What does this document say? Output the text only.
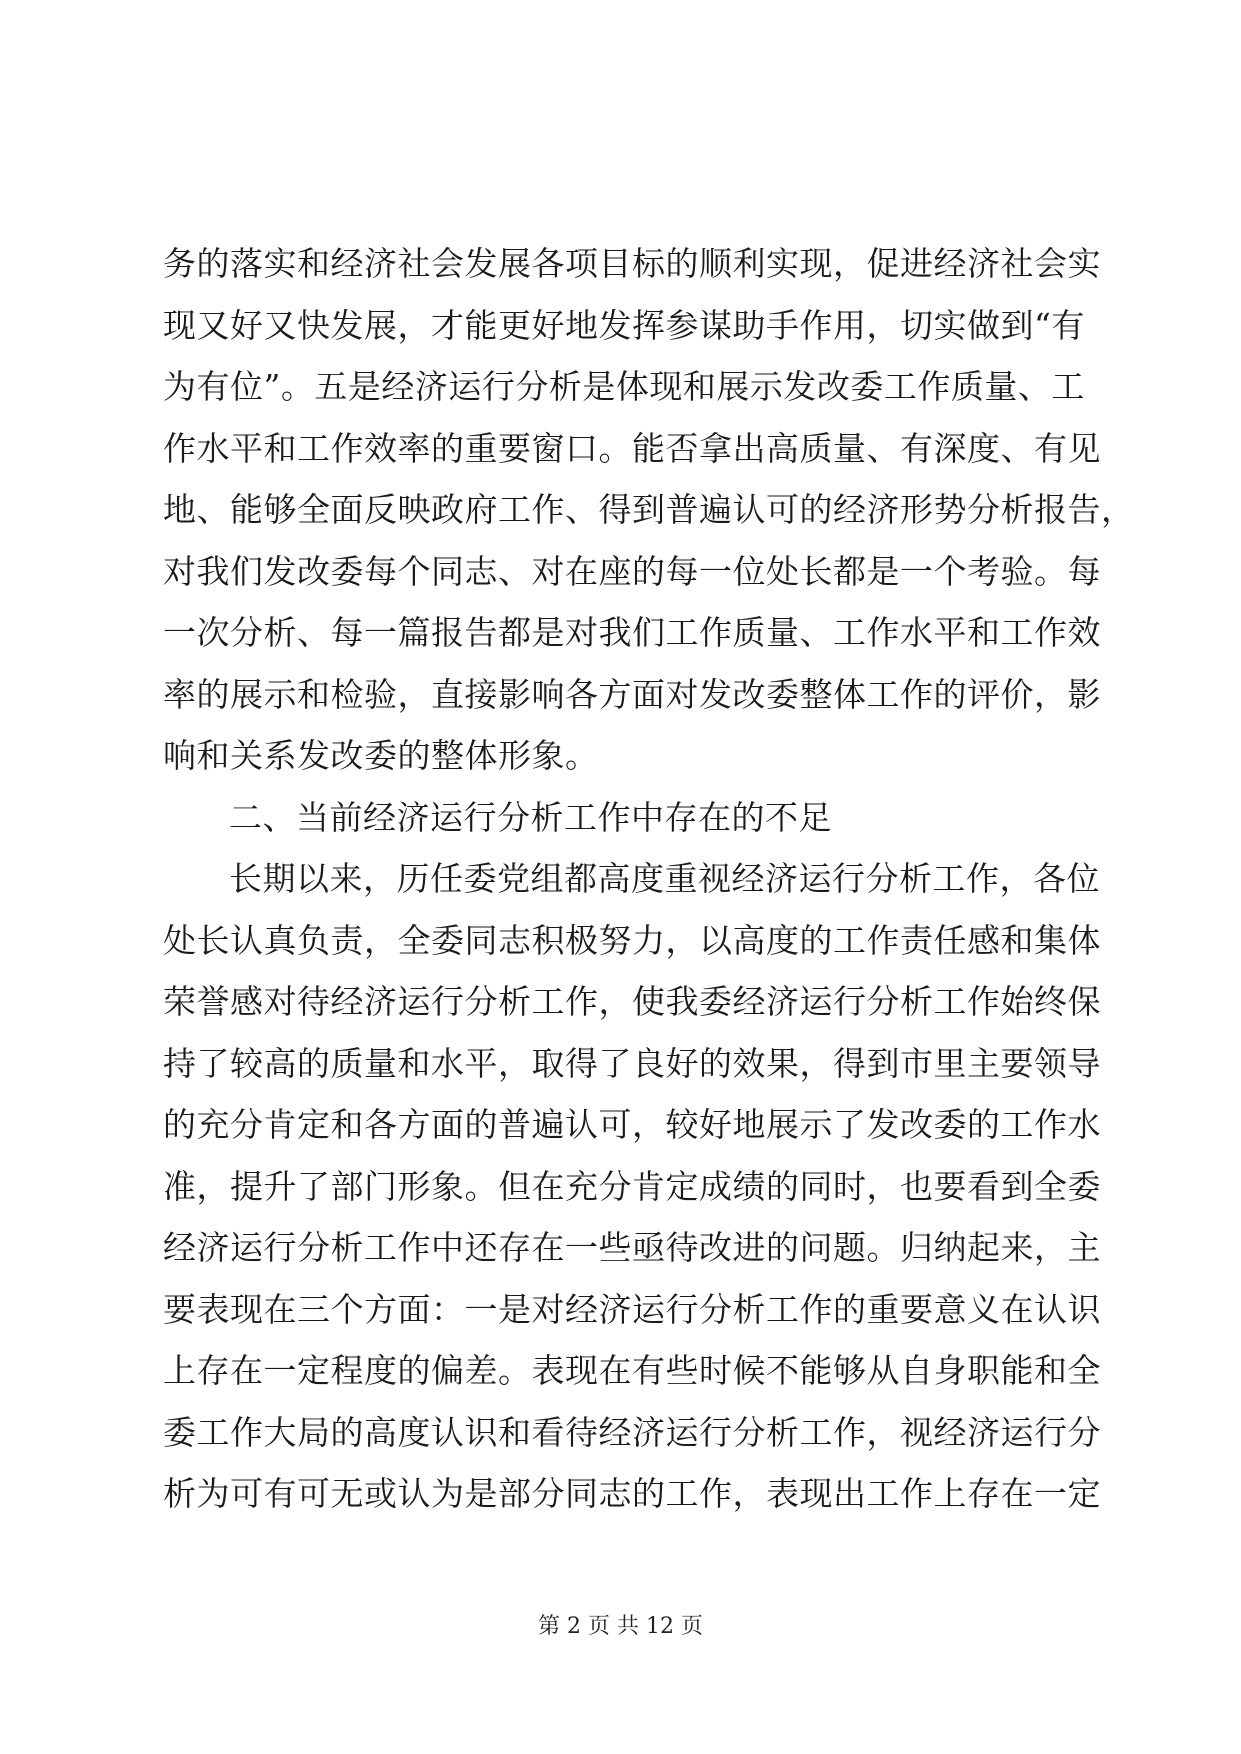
务的落实和经济社会发展各项目标的顺利实现，促进经济社会实
现又好又快发展，才能更好地发挥参谋助手作用，切实做到“有
为有位”。五是经济运行分析是体现和展示发改委工作质量、工
作水平和工作效率的重要窗口。能否拿出高质量、有深度、有见
地、能够全面反映政府工作、得到普遍认可的经济形势分析报告，
对我们发改委每个同志、对在座的每一位处长都是一个考验。每
一次分析、每一篇报告都是对我们工作质量、工作水平和工作效
率的展示和检验，直接影响各方面对发改委整体工作的评价，影
响和关系发改委的整体形象。
二、当前经济运行分析工作中存在的不足
长期以来，历任委党组都高度重视经济运行分析工作，各位
处长认真负责，全委同志积极努力，以高度的工作责任感和集体
荣誉感对待经济运行分析工作，使我委经济运行分析工作始终保
持了较高的质量和水平，取得了良好的效果，得到市里主要领导
的充分肯定和各方面的普遍认可，较好地展示了发改委的工作水
准，提升了部门形象。但在充分肯定成绩的同时，也要看到全委
经济运行分析工作中还存在一些亟待改进的问题。归纳起来，主
要表现在三个方面：一是对经济运行分析工作的重要意义在认识
上存在一定程度的偏差。表现在有些时候不能够从自身职能和全
委工作大局的高度认识和看待经济运行分析工作，视经济运行分
析为可有可无或认为是部分同志的工作，表现出工作上存在一定
第 2 页 共 12 页
